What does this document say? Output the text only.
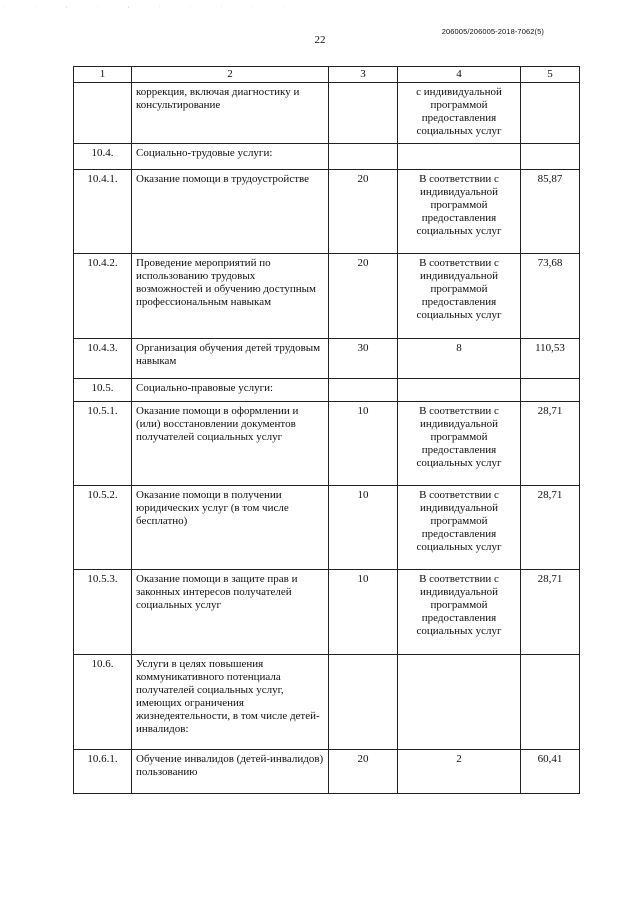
. . , . , . . . . .
22
206005/206005-2018-7062(5)
1	2	3	4	5
	коррекция, включая диагностику и консультирование		с индивидуальной программой предоставления социальных услуг	
10.4.	Социально-трудовые услуги:			
10.4.1.	Оказание помощи в трудоустройстве	20	В соответствии с индивидуальной программой предоставления социальных услуг	85,87
10.4.2.	Проведение мероприятий по использованию трудовых возможностей и обучению доступным профессиональным навыкам	20	В соответствии с индивидуальной программой предоставления социальных услуг	73,68
10.4.3.	Организация обучения детей трудовым навыкам	30	8	110,53
10.5.	Социально-правовые услуги:			
10.5.1.	Оказание помощи в оформлении и (или) восстановлении документов получателей социальных услуг	10	В соответствии с индивидуальной программой предоставления социальных услуг	28,71
10.5.2.	Оказание помощи в получении юридических услуг (в том числе бесплатно)	10	В соответствии с индивидуальной программой предоставления социальных услуг	28,71
10.5.3.	Оказание помощи в защите прав и законных интересов получателей социальных услуг	10	В соответствии с индивидуальной программой предоставления социальных услуг	28,71
10.6.	Услуги в целях повышения коммуникативного потенциала получателей социальных услуг, имеющих ограничения жизнедеятельности, в том числе детей-инвалидов:			
10.6.1.	Обучение инвалидов (детей-инвалидов) пользованию	20	2	60,41
